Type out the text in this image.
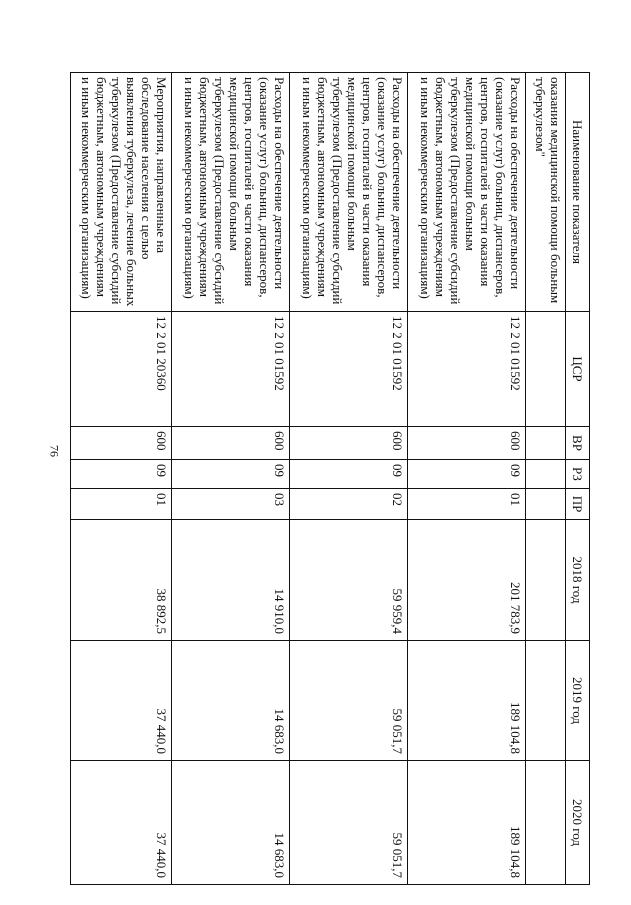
76
Наименование показателя	ЦСР	ВР	РЗ	ПР	2018 год	2019 год	2020 год
оказания медицинской помощи больным туберкулезом"							
Расходы на обеспечение деятельности (оказание услуг) больниц, диспансеров, центров, госпиталей в части оказания медицинской помощи больным туберкулезом (Предоставление субсидий бюджетным, автономным учреждениям и иным некоммерческим организациям)	12 2 01 01592	600	09	01	201 783,9	189 104,8	189 104,8
Расходы на обеспечение деятельности (оказание услуг) больниц, диспансеров, центров, госпиталей в части оказания медицинской помощи больным туберкулезом (Предоставление субсидий бюджетным, автономным учреждениям и иным некоммерческим организациям)	12 2 01 01592	600	09	02	59 959,4	59 051,7	59 051,7
Расходы на обеспечение деятельности (оказание услуг) больниц, диспансеров, центров, госпиталей в части оказания медицинской помощи больным туберкулезом (Предоставление субсидий бюджетным, автономным учреждениям и иным некоммерческим организациям)	12 2 01 01592	600	09	03	14 910,0	14 683,0	14 683,0
Мероприятия, направленные на обследование населения с целью выявления туберкулеза, лечение больных туберкулезом (Предоставление субсидий бюджетным, автономным учреждениям и иным некоммерческим организациям)	12 2 01 20360	600	09	01	38 892,5	37 440,0	37 440,0
